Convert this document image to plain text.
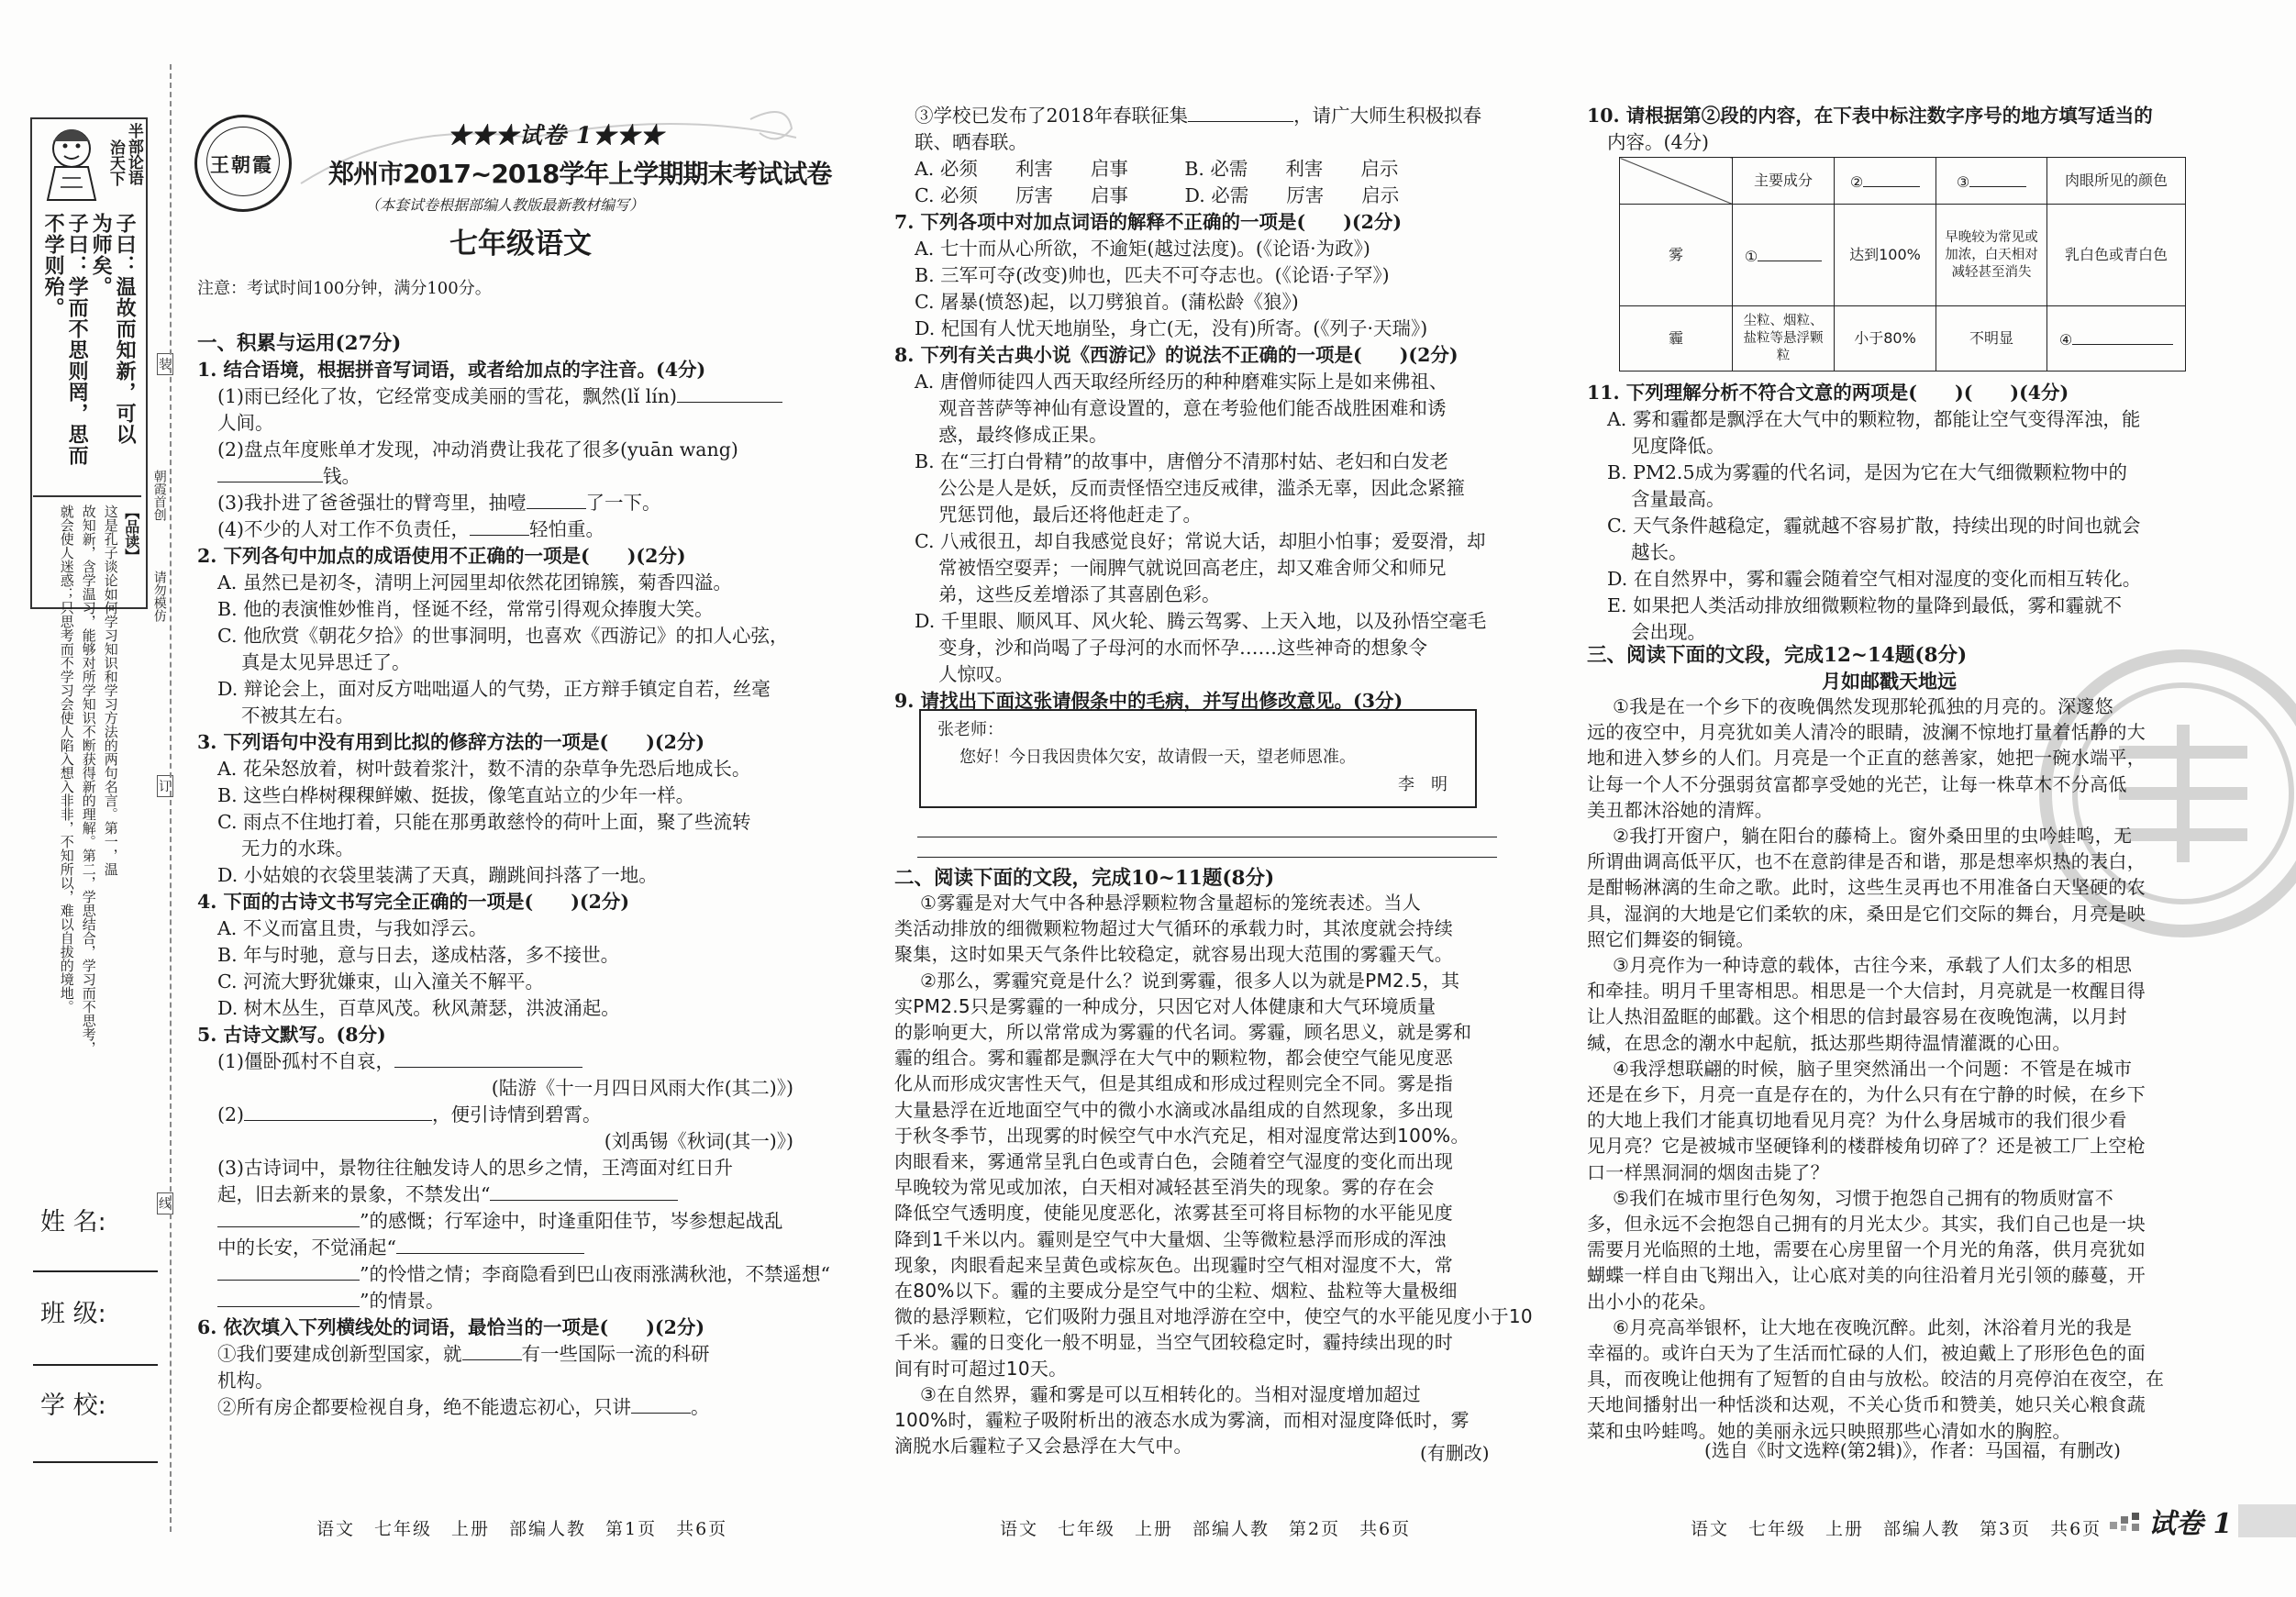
半部论语
治天下
子曰：温故而知新，可以
为师矣。
子曰：学而不思则罔，思而
不学则殆。
【品读】
这是孔子谈论如何学习知识和学习方法的两句名言。第一，温
故知新，含学温习，能够对所学知识不断获得新的理解。第二，学思结合，学习而不思考，
就会使人迷惑；只思考而不学习会使人陷入想入非非，不知所以，难以自拔的境地。
朝霞首创
请勿模仿
装
订
线
姓 名:
班 级:
学 校:
王朝霞
★★★试卷 1★★★
郑州市2017~2018学年上学期期末考试试卷
（本套试卷根据部编人教版最新教材编写）
七年级语文
注意：考试时间100分钟，满分100分。

一、积累与运用(27分)

1. 结合语境，根据拼音写词语，或者给加点的字注音。(4分)

(1)雨已经化了妆，它经常变成美丽的雪花，飘然(lǐ lín)

人间。

(2)盘点年度账单才发现，冲动消费让我花了很多(yuān wang)

钱。

(3)我扑进了爸爸强壮的臂弯里，抽噎	了一下。

(4)不少的人对工作不负责任，	轻怕重。

2. 下列各句中加点的成语使用不正确的一项是(　　)(2分)

A. 虽然已是初冬，清明上河园里却依然花团锦簇，菊香四溢。

B. 他的表演惟妙惟肖，怪诞不经，常常引得观众捧腹大笑。

C. 他欣赏《朝花夕拾》的世事洞明，也喜欢《西游记》的扣人心弦，

真是太见异思迁了。

D. 辩论会上，面对反方咄咄逼人的气势，正方辩手镇定自若，丝毫

不被其左右。

3. 下列语句中没有用到比拟的修辞方法的一项是(　　)(2分)

A. 花朵怒放着，树叶鼓着浆汁，数不清的杂草争先恐后地成长。

B. 这些白桦树稞稞鲜嫩、挺拔，像笔直站立的少年一样。

C. 雨点不住地打着，只能在那勇敢慈怜的荷叶上面，聚了些流转

无力的水珠。

D. 小姑娘的衣袋里装满了天真，蹦跳间抖落了一地。

4. 下面的古诗文书写完全正确的一项是(　　)(2分)

A. 不义而富且贵，与我如浮云。

B. 年与时驰，意与日去，遂成枯落，多不接世。

C. 河流大野犹嫌束，山入潼关不解平。

D. 树木丛生，百草风茂。秋风萧瑟，洪波涌起。

5. 古诗文默写。(8分)

(1)僵卧孤村不自哀，

(陆游《十一月四日风雨大作(其二)》)

(2)	，便引诗情到碧霄。

(刘禹锡《秋词(其一)》)

(3)古诗词中，景物往往触发诗人的思乡之情，王湾面对红日升

起，旧去新来的景象，不禁发出“

”的感慨；行军途中，时逢重阳佳节，岑参想起战乱

中的长安，不觉涌起“

”的怜惜之情；李商隐看到巴山夜雨涨满秋池，不禁遥想“

”的情景。

6. 依次填入下列横线处的词语，最恰当的一项是(　　)(2分)

①我们要建成创新型国家，就	有一些国际一流的科研

机构。

②所有房企都要检视自身，绝不能遗忘初心，只讲	。

③学校已发布了2018年春联征集	，请广大师生积极拟春

联、晒春联。

A. 必须　　利害　　启事　　　B. 必需　　利害　　启示

C. 必须　　厉害　　启事　　　D. 必需　　厉害　　启示

7. 下列各项中对加点词语的解释不正确的一项是(　　)(2分)

A. 七十而从心所欲，不逾矩(越过法度)。(《论语·为政》)

B. 三军可夺(改变)帅也，匹夫不可夺志也。(《论语·子罕》)

C. 屠暴(愤怒)起，以刀劈狼首。(蒲松龄《狼》)

D. 杞国有人忧天地崩坠，身亡(无，没有)所寄。(《列子·天瑞》)

8. 下列有关古典小说《西游记》的说法不正确的一项是(　　)(2分)

A. 唐僧师徒四人西天取经所经历的种种磨难实际上是如来佛祖、

观音菩萨等神仙有意设置的，意在考验他们能否战胜困难和诱

惑，最终修成正果。

B. 在“三打白骨精”的故事中，唐僧分不清那村姑、老妇和白发老

公公是人是妖，反而责怪悟空违反戒律，滥杀无辜，因此念紧箍

咒惩罚他，最后还将他赶走了。

C. 八戒很丑，却自我感觉良好；常说大话，却胆小怕事；爱耍滑，却

常被悟空耍弄；一闹脾气就说回高老庄，却又难舍师父和师兄

弟，这些反差增添了其喜剧色彩。

D. 千里眼、顺风耳、风火轮、腾云驾雾、上天入地，以及孙悟空毫毛

变身，沙和尚喝了子母河的水而怀孕……这些神奇的想象令

人惊叹。

9. 请找出下面这张请假条中的毛病，并写出修改意见。(3分)

张老师：
您好！今日我因贵体欠安，故请假一天，望老师恩准。
李　明
二、阅读下面的文段，完成10~11题(8分)

①雾霾是对大气中各种悬浮颗粒物含量超标的笼统表述。当人

类活动排放的细微颗粒物超过大气循环的承载力时，其浓度就会持续

聚集，这时如果天气条件比较稳定，就容易出现大范围的雾霾天气。

②那么，雾霾究竟是什么？说到雾霾，很多人以为就是PM2.5，其

实PM2.5只是雾霾的一种成分，只因它对人体健康和大气环境质量

的影响更大，所以常常成为雾霾的代名词。雾霾，顾名思义，就是雾和

霾的组合。雾和霾都是飘浮在大气中的颗粒物，都会使空气能见度恶

化从而形成灾害性天气，但是其组成和形成过程则完全不同。雾是指

大量悬浮在近地面空气中的微小水滴或冰晶组成的自然现象，多出现

于秋冬季节，出现雾的时候空气中水汽充足，相对湿度常达到100%。

肉眼看来，雾通常呈乳白色或青白色，会随着空气湿度的变化而出现

早晚较为常见或加浓，白天相对减轻甚至消失的现象。雾的存在会

降低空气透明度，使能见度恶化，浓雾甚至可将目标物的水平能见度

降到1千米以内。霾则是空气中大量烟、尘等微粒悬浮而形成的浑浊

现象，肉眼看起来呈黄色或棕灰色。出现霾时空气相对湿度不大，常

在80%以下。霾的主要成分是空气中的尘粒、烟粒、盐粒等大量极细

微的悬浮颗粒，它们吸附力强且对地浮游在空中，使空气的水平能见度小于10

千米。霾的日变化一般不明显，当空气团较稳定时，霾持续出现的时

间有时可超过10天。

③在自然界，霾和雾是可以互相转化的。当相对湿度增加超过

100%时，霾粒子吸附析出的液态水成为雾滴，而相对湿度降低时，雾

滴脱水后霾粒子又会悬浮在大气中。	(有删改)

10. 请根据第②段的内容，在下表中标注数字序号的地方填写适当的

内容。(4分)

	主要成分	②	③	肉眼所见的颜色
雾	①	达到100%	早晚较为常见或加浓，白天相对减轻甚至消失	乳白色或青白色
霾	尘粒、烟粒、盐粒等悬浮颗粒	小于80%	不明显	④

11. 下列理解分析不符合文意的两项是(　　)(　　)(4分)

A. 雾和霾都是飘浮在大气中的颗粒物，都能让空气变得浑浊，能

见度降低。

B. PM2.5成为雾霾的代名词，是因为它在大气细微颗粒物中的

含量最高。

C. 天气条件越稳定，霾就越不容易扩散，持续出现的时间也就会

越长。

D. 在自然界中，雾和霾会随着空气相对湿度的变化而相互转化。

E. 如果把人类活动排放细微颗粒物的量降到最低，雾和霾就不

会出现。

三、阅读下面的文段，完成12~14题(8分)
月如邮戳天地远

①我是在一个乡下的夜晚偶然发现那轮孤独的月亮的。深邃悠

远的夜空中，月亮犹如美人清冷的眼睛，波澜不惊地打量着恬静的大

地和进入梦乡的人们。月亮是一个正直的慈善家，她把一碗水端平，

让每一个人不分强弱贫富都享受她的光芒，让每一株草木不分高低

美丑都沐浴她的清辉。

②我打开窗户，躺在阳台的藤椅上。窗外桑田里的虫吟蛙鸣，无

所谓曲调高低平仄，也不在意韵律是否和谐，那是想率炽热的表白，

是酣畅淋漓的生命之歌。此时，这些生灵再也不用准备白天坚硬的农

具，湿润的大地是它们柔软的床，桑田是它们交际的舞台，月亮是映

照它们舞姿的铜镜。

③月亮作为一种诗意的载体，古往今来，承载了人们太多的相思

和牵挂。明月千里寄相思。相思是一个大信封，月亮就是一枚醒目得

让人热泪盈眶的邮戳。这个相思的信封最容易在夜晚饱满，以月封

缄，在思念的潮水中起航，抵达那些期待温情灌溉的心田。

④我浮想联翩的时候，脑子里突然涌出一个问题：不管是在城市

还是在乡下，月亮一直是存在的，为什么只有在宁静的时候，在乡下

的大地上我们才能真切地看见月亮？为什么身居城市的我们很少看

见月亮？它是被城市坚硬锋利的楼群棱角切碎了？还是被工厂上空枪

口一样黑洞洞的烟囱击毙了？

⑤我们在城市里行色匆匆，习惯于抱怨自己拥有的物质财富不

多，但永远不会抱怨自己拥有的月光太少。其实，我们自己也是一块

需要月光临照的土地，需要在心房里留一个月光的角落，供月亮犹如

蝴蝶一样自由飞翔出入，让心底对美的向往沿着月光引领的藤蔓，开

出小小的花朵。

⑥月亮高举银杯，让大地在夜晚沉醉。此刻，沐浴着月光的我是

幸福的。或许白天为了生活而忙碌的人们，被迫戴上了形形色色的面

具，而夜晚让他拥有了短暂的自由与放松。皎洁的月亮停泊在夜空，在

天地间播射出一种恬淡和达观，不关心货币和赞美，她只关心粮食蔬

菜和虫吟蛙鸣。她的美丽永远只映照那些心清如水的胸腔。

(选自《时文选粹(第2辑)》，作者：马国福，有删改)
语文　七年级　上册　部编人教　第1页　共6页	语文　七年级　上册　部编人教　第2页　共6页	语文　七年级　上册　部编人教　第3页　共6页 试卷 1
